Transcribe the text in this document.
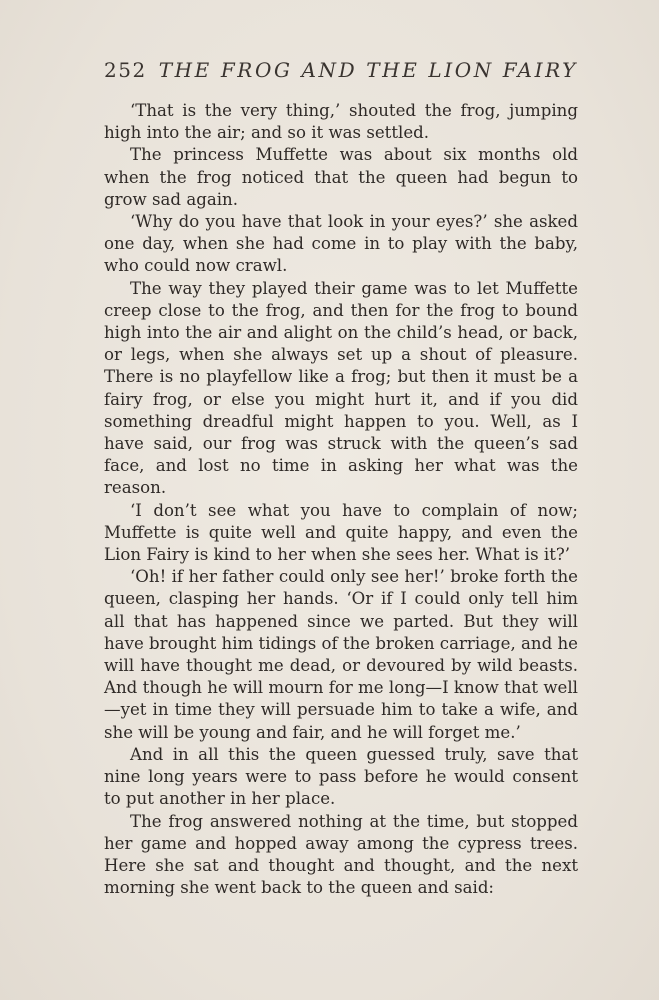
252 THE FROG AND THE LION FAIRY

‘That is the very thing,’ shouted the frog, jumping high into the air; and so it was settled.

The princess Muffette was about six months old when the frog noticed that the queen had begun to grow sad again.

‘Why do you have that look in your eyes?’ she asked one day, when she had come in to play with the baby, who could now crawl.

The way they played their game was to let Muffette creep close to the frog, and then for the frog to bound high into the air and alight on the child’s head, or back, or legs, when she always set up a shout of pleasure. There is no playfellow like a frog; but then it must be a fairy frog, or else you might hurt it, and if you did something dreadful might happen to you. Well, as I have said, our frog was struck with the queen’s sad face, and lost no time in asking her what was the reason.

‘I don’t see what you have to complain of now; Muffette is quite well and quite happy, and even the Lion Fairy is kind to her when she sees her. What is it?’

‘Oh! if her father could only see her!’ broke forth the queen, clasping her hands. ‘Or if I could only tell him all that has happened since we parted. But they will have brought him tidings of the broken carriage, and he will have thought me dead, or devoured by wild beasts. And though he will mourn for me long—I know that well—yet in time they will persuade him to take a wife, and she will be young and fair, and he will forget me.’

And in all this the queen guessed truly, save that nine long years were to pass before he would consent to put another in her place.

The frog answered nothing at the time, but stopped her game and hopped away among the cypress trees. Here she sat and thought and thought, and the next morning she went back to the queen and said:
